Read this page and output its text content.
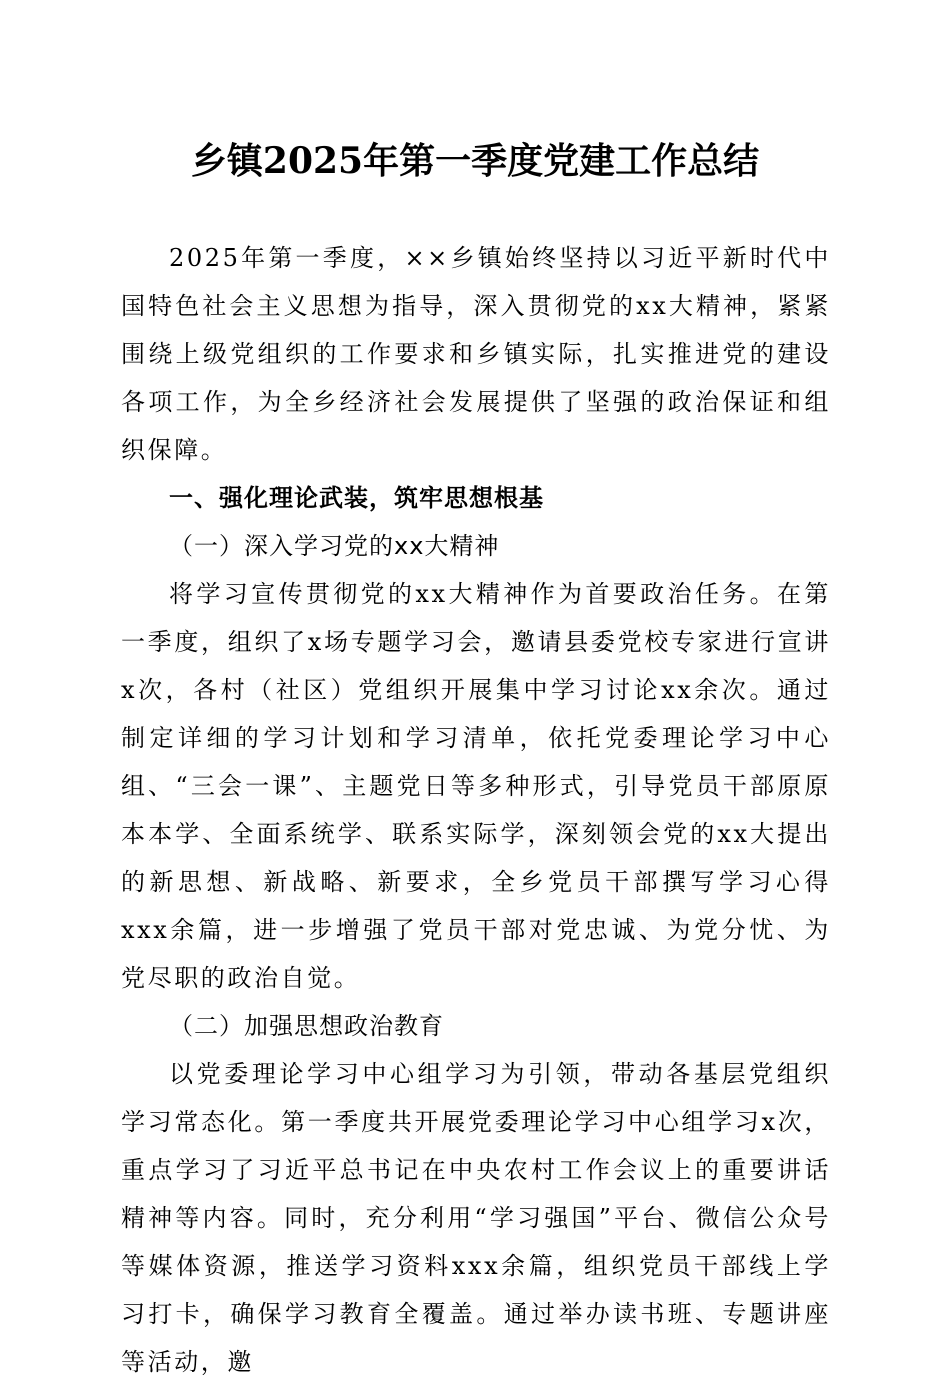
乡镇2025年第一季度党建工作总结

2025年第一季度，××乡镇始终坚持以习近平新时代中国特色社会主义思想为指导，深入贯彻党的xx大精神，紧紧围绕上级党组织的工作要求和乡镇实际，扎实推进党的建设各项工作，为全乡经济社会发展提供了坚强的政治保证和组织保障。

一、强化理论武装，筑牢思想根基

（一）深入学习党的xx大精神

将学习宣传贯彻党的xx大精神作为首要政治任务。在第一季度，组织了x场专题学习会，邀请县委党校专家进行宣讲x次，各村（社区）党组织开展集中学习讨论xx余次。通过制定详细的学习计划和学习清单，依托党委理论学习中心组、“三会一课”、主题党日等多种形式，引导党员干部原原本本学、全面系统学、联系实际学，深刻领会党的xx大提出的新思想、新战略、新要求，全乡党员干部撰写学习心得xxx余篇，进一步增强了党员干部对党忠诚、为党分忧、为党尽职的政治自觉。

（二）加强思想政治教育

以党委理论学习中心组学习为引领，带动各基层党组织学习常态化。第一季度共开展党委理论学习中心组学习x次，重点学习了习近平总书记在中央农村工作会议上的重要讲话精神等内容。同时，充分利用“学习强国”平台、微信公众号等媒体资源，推送学习资料xxx余篇，组织党员干部线上学习打卡，确保学习教育全覆盖。通过举办读书班、专题讲座等活动，邀
